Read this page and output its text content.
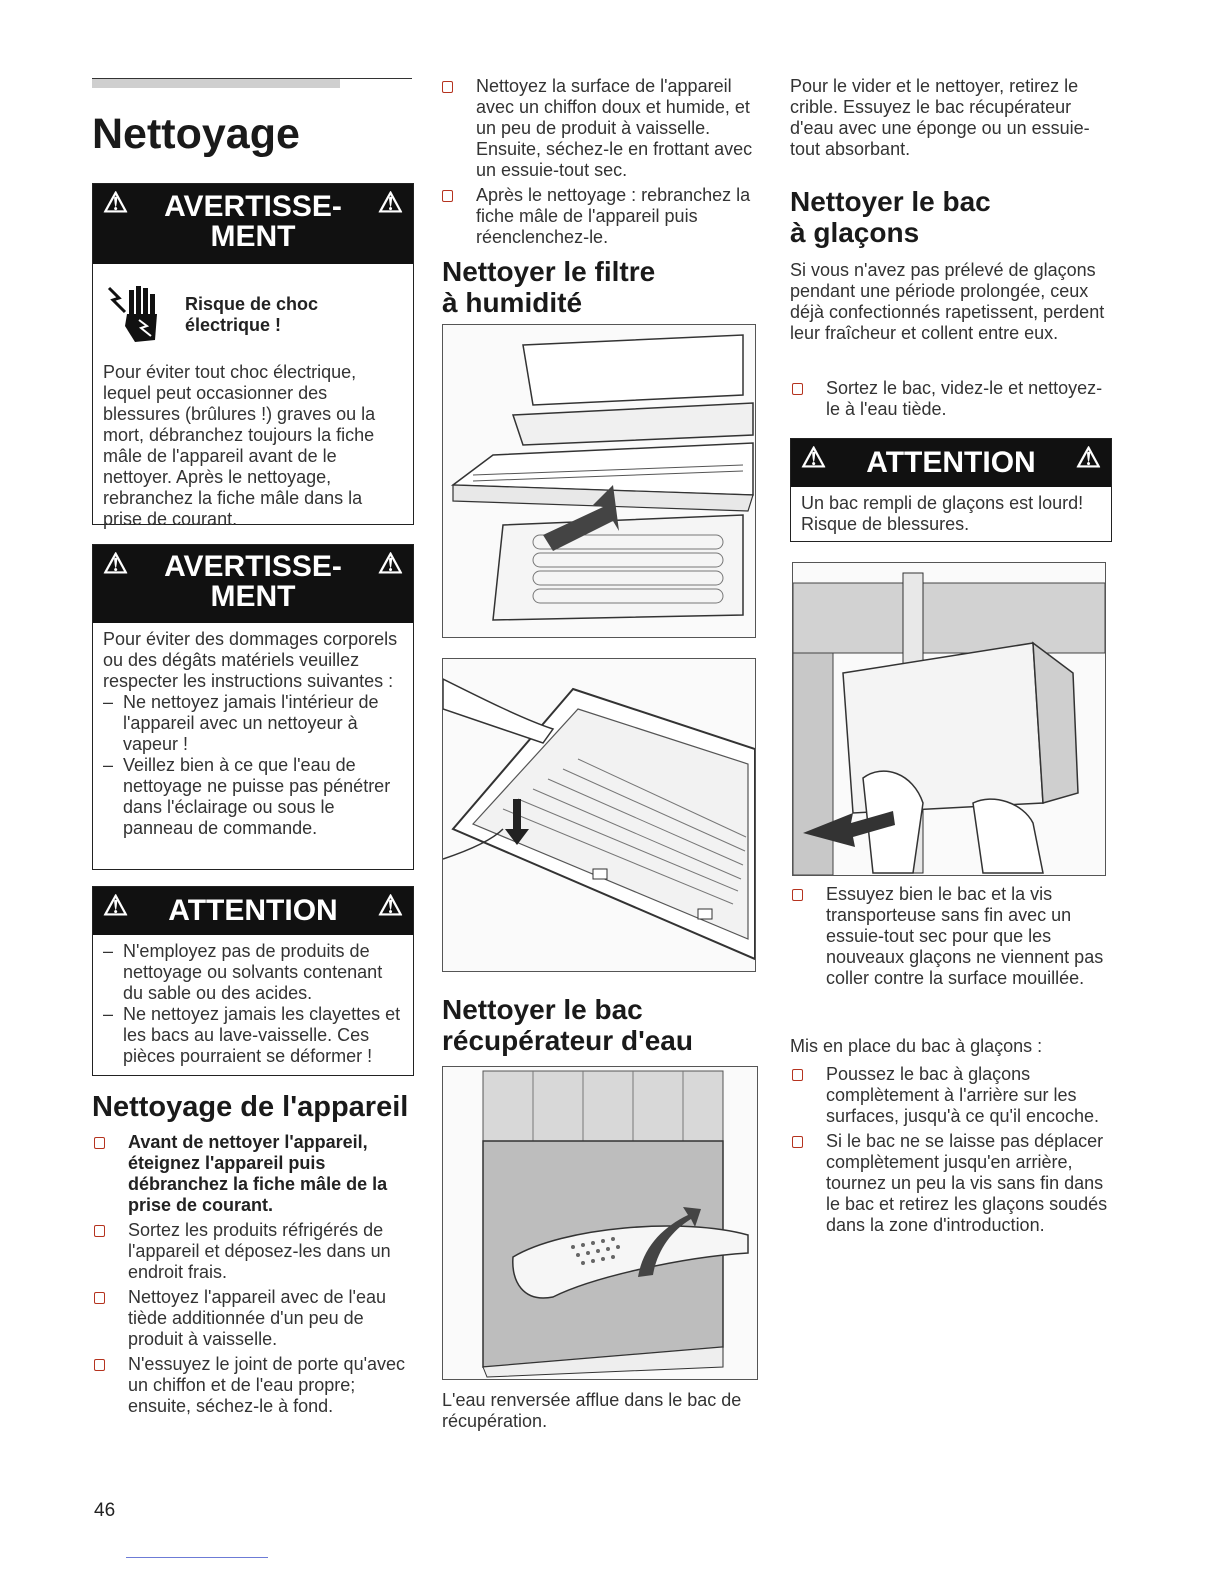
Nettoyage
⚠	AVERTISSE-
MENT
⚠
Risque de choc
électrique !

Pour éviter tout choc électrique, lequel peut occasionner des blessures (brûlures !) graves ou la mort, débranchez toujours la fiche mâle de l'appareil avant de le nettoyer. Après le nettoyage, rebranchez la fiche mâle dans la prise de courant.

⚠	AVERTISSE-
MENT
⚠

Pour éviter des dommages corporels ou des dégâts matériels veuillez respecter les instructions suivantes :

– Ne nettoyez jamais l'intérieur de l'appareil avec un nettoyeur à vapeur !
– Veillez bien à ce que l'eau de nettoyage ne puisse pas pénétrer dans l'éclairage ou sous le panneau de commande.
⚠	ATTENTION	⚠
– N'employez pas de produits de nettoyage ou solvants contenant du sable ou des acides.
– Ne nettoyez jamais les clayettes et les bacs au lave-vaisselle. Ces pièces pourraient se déformer !
Nettoyage de l'appareil
Avant de nettoyer l'appareil, éteignez l'appareil puis débranchez la fiche mâle de la prise de courant.
Sortez les produits réfrigérés de l'appareil et déposez-les dans un endroit frais.
Nettoyez l'appareil avec de l'eau tiède additionnée d'un peu de produit à vaisselle.
N'essuyez le joint de porte qu'avec un chiffon et de l'eau propre; ensuite, séchez-le à fond.
46
Nettoyez la surface de l'appareil avec un chiffon doux et humide, et un peu de produit à vaisselle. Ensuite, séchez-le en frottant avec un essuie-tout sec.
Après le nettoyage : rebranchez la fiche mâle de l'appareil puis réenclenchez-le.
Nettoyer le filtre
à humidité
Nettoyer le bac
récupérateur d'eau

L'eau renversée afflue dans le bac de récupération.

Pour le vider et le nettoyer, retirez le crible. Essuyez le bac récupérateur d'eau avec une éponge ou un essuie-tout absorbant.

Nettoyer le bac
à glaçons

Si vous n'avez pas prélevé de glaçons pendant une période prolongée, ceux déjà confectionnés rapetissent, perdent leur fraîcheur et collent entre eux.

Sortez le bac, videz-le et nettoyez-le à l'eau tiède.
⚠	ATTENTION	⚠

Un bac rempli de glaçons est lourd! Risque de blessures.

Essuyez bien le bac et la vis transporteuse sans fin avec un essuie-tout sec pour que les nouveaux glaçons ne viennent pas coller contre la surface mouillée.

Mis en place du bac à glaçons :

Poussez le bac à glaçons complètement à l'arrière sur les surfaces, jusqu'à ce qu'il encoche.
Si le bac ne se laisse pas déplacer complètement jusqu'en arrière, tournez un peu la vis sans fin dans le bac et retirez les glaçons soudés dans la zone d'introduction.
